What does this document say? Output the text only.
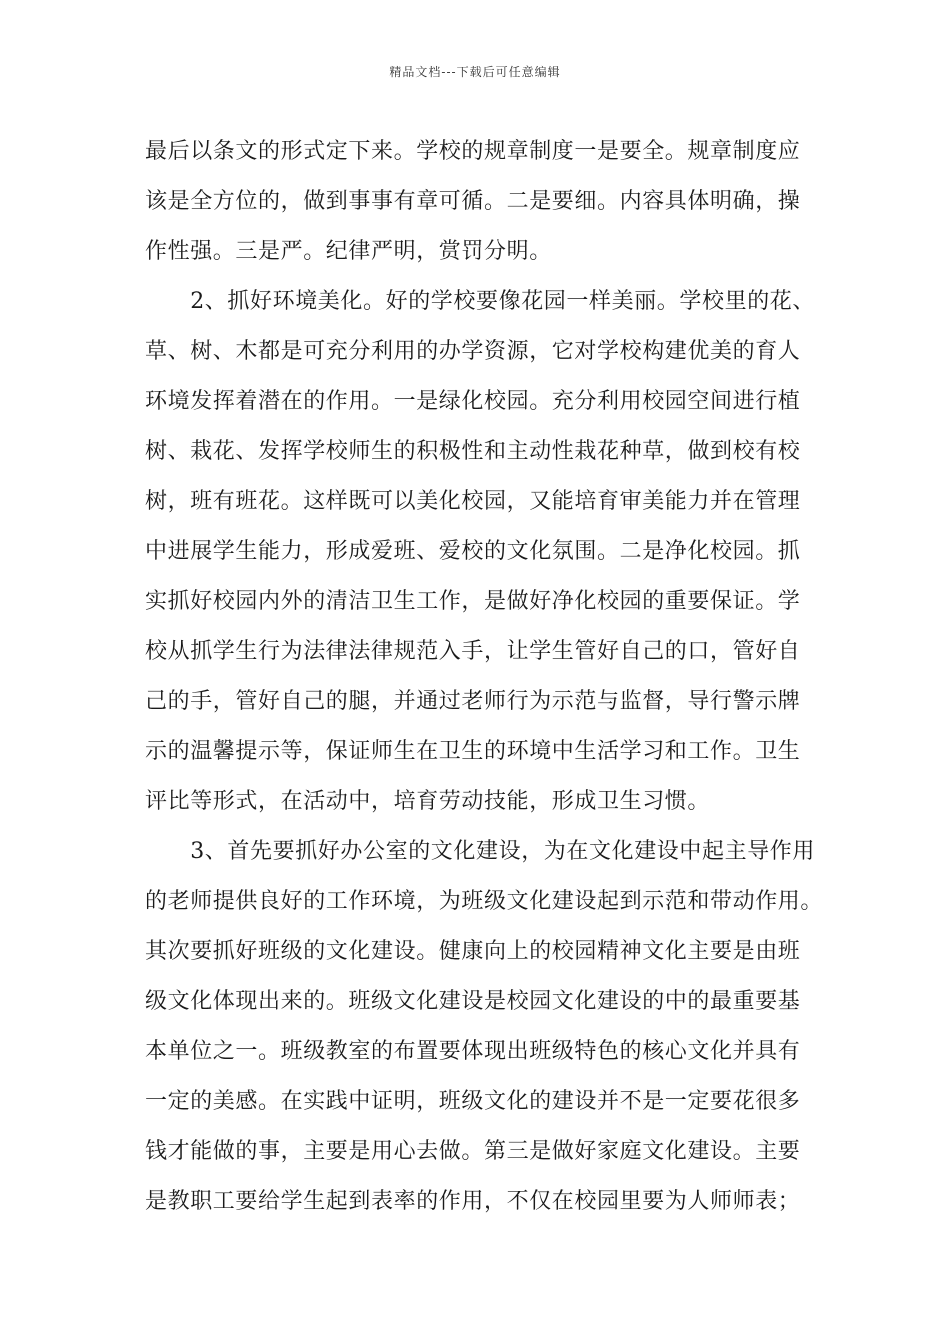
精品文档---下载后可任意编辑
最后以条文的形式定下来。学校的规章制度一是要全。规章制度应
该是全方位的，做到事事有章可循。二是要细。内容具体明确，操
作性强。三是严。纪律严明，赏罚分明。
　　2、抓好环境美化。好的学校要像花园一样美丽。学校里的花、
草、树、木都是可充分利用的办学资源，它对学校构建优美的育人
环境发挥着潜在的作用。一是绿化校园。充分利用校园空间进行植
树、栽花、发挥学校师生的积极性和主动性栽花种草，做到校有校
树，班有班花。这样既可以美化校园，又能培育审美能力并在管理
中进展学生能力，形成爱班、爱校的文化氛围。二是净化校园。抓
实抓好校园内外的清洁卫生工作，是做好净化校园的重要保证。学
校从抓学生行为法律法律规范入手，让学生管好自己的口，管好自
己的手，管好自己的腿，并通过老师行为示范与监督，导行警示牌
示的温馨提示等，保证师生在卫生的环境中生活学习和工作。卫生
评比等形式，在活动中，培育劳动技能，形成卫生习惯。
　　3、首先要抓好办公室的文化建设，为在文化建设中起主导作用
的老师提供良好的工作环境，为班级文化建设起到示范和带动作用。
其次要抓好班级的文化建设。健康向上的校园精神文化主要是由班
级文化体现出来的。班级文化建设是校园文化建设的中的最重要基
本单位之一。班级教室的布置要体现出班级特色的核心文化并具有
一定的美感。在实践中证明，班级文化的建设并不是一定要花很多
钱才能做的事，主要是用心去做。第三是做好家庭文化建设。主要
是教职工要给学生起到表率的作用，不仅在校园里要为人师师表；
